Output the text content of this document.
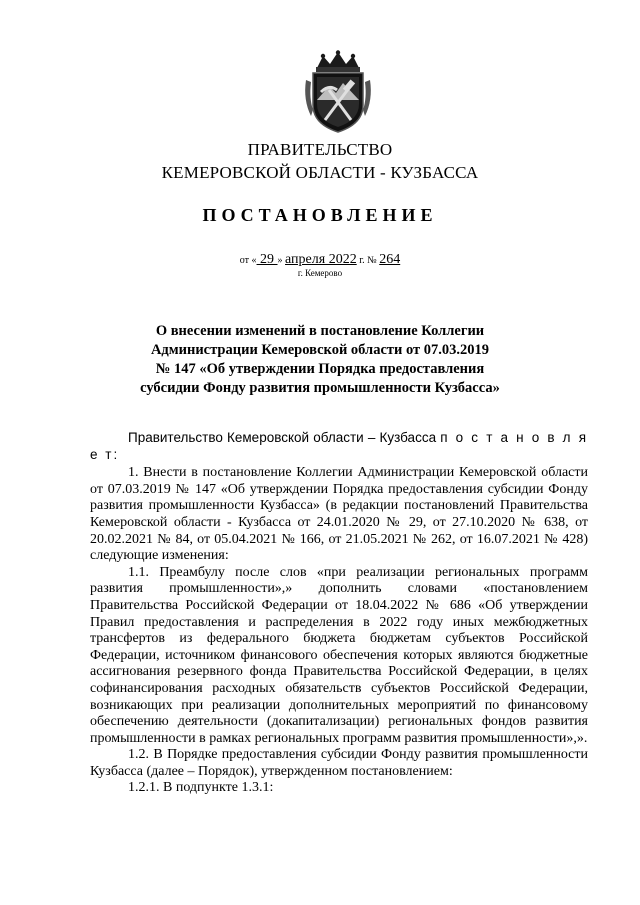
ПРАВИТЕЛЬСТВО
КЕМЕРОВСКОЙ ОБЛАСТИ - КУЗБАССА
ПОСТАНОВЛЕНИЕ
от « 29 » апреля 2022 г. № 264
г. Кемерово
О внесении изменений в постановление Коллегии
Администрации Кемеровской области от 07.03.2019
№ 147 «Об утверждении Порядка предоставления
субсидии Фонду развития промышленности Кузбасса»

Правительство Кемеровской области – Кузбасса п о с т а н о в л я е т:

1. Внести в постановление Коллегии Администрации Кемеровской области от 07.03.2019 № 147 «Об утверждении Порядка предоставления субсидии Фонду развития промышленности Кузбасса» (в редакции постановлений Правительства Кемеровской области - Кузбасса от 24.01.2020 № 29, от 27.10.2020 № 638, от 20.02.2021 № 84, от 05.04.2021 № 166, от 21.05.2021 № 262, от 16.07.2021 № 428) следующие изменения:

1.1. Преамбулу после слов «при реализации региональных программ развития промышленности»,» дополнить словами «постановлением Правительства Российской Федерации от 18.04.2022 № 686 «Об утверждении Правил предоставления и распределения в 2022 году иных межбюджетных трансфертов из федерального бюджета бюджетам субъектов Российской Федерации, источником финансового обеспечения которых являются бюджетные ассигнования резервного фонда Правительства Российской Федерации, в целях софинансирования расходных обязательств субъектов Российской Федерации, возникающих при реализации дополнительных мероприятий по финансовому обеспечению деятельности (докапитализации) региональных фондов развития промышленности в рамках региональных программ развития промышленности»,».

1.2. В Порядке предоставления субсидии Фонду развития промышленности Кузбасса (далее – Порядок), утвержденном постановлением:

1.2.1. В подпункте 1.3.1:
